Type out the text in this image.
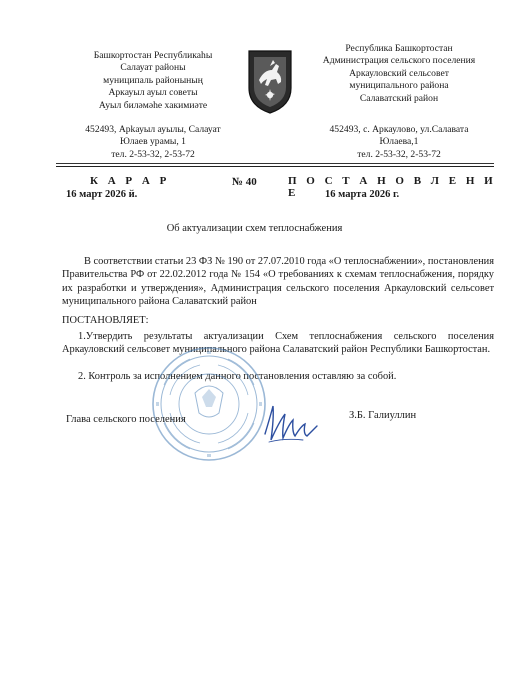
Башкортостан Республикаһы
Салауат районы
муниципаль районының
Аркауыл ауыл советы
Ауыл биләмәһе хакимиәте
Республика Башкортостан
Администрация сельского поселения
Аркауловский сельсовет
муниципального района
Салаватский район
452493, Арkауыл ауылы, Салауат
Юлаев урамы, 1
тел. 2-53-32, 2-53-72
452493, с. Аркаулово, ул.Салавата
Юлаева,1
тел. 2-53-32, 2-53-72
К А Р А Р
16 март 2026 й.
№ 40	П О С Т А Н О В Л Е Н И Е	16 марта 2026 г.
Об актуализации схем теплоснабжения
В соответствии статьи 23 ФЗ № 190 от 27.07.2010 года «О теплоснабжении», постановления Правительства РФ от 22.02.2012 года № 154 «О требованиях к схемам теплоснабжения, порядку их разработки и утверждения», Администрация сельского поселения Аркауловский сельсовет муниципального района Салаватский район
ПОСТАНОВЛЯЕТ:
1.Утвердить результаты актуализации Схем теплоснабжения сельского поселения Аркауловский сельсовет муниципального района Салаватский район Республики Башкортостан.
2. Контроль за исполнением данного постановления оставляю за собой.
Глава сельского поселения	З.Б. Галиуллин
